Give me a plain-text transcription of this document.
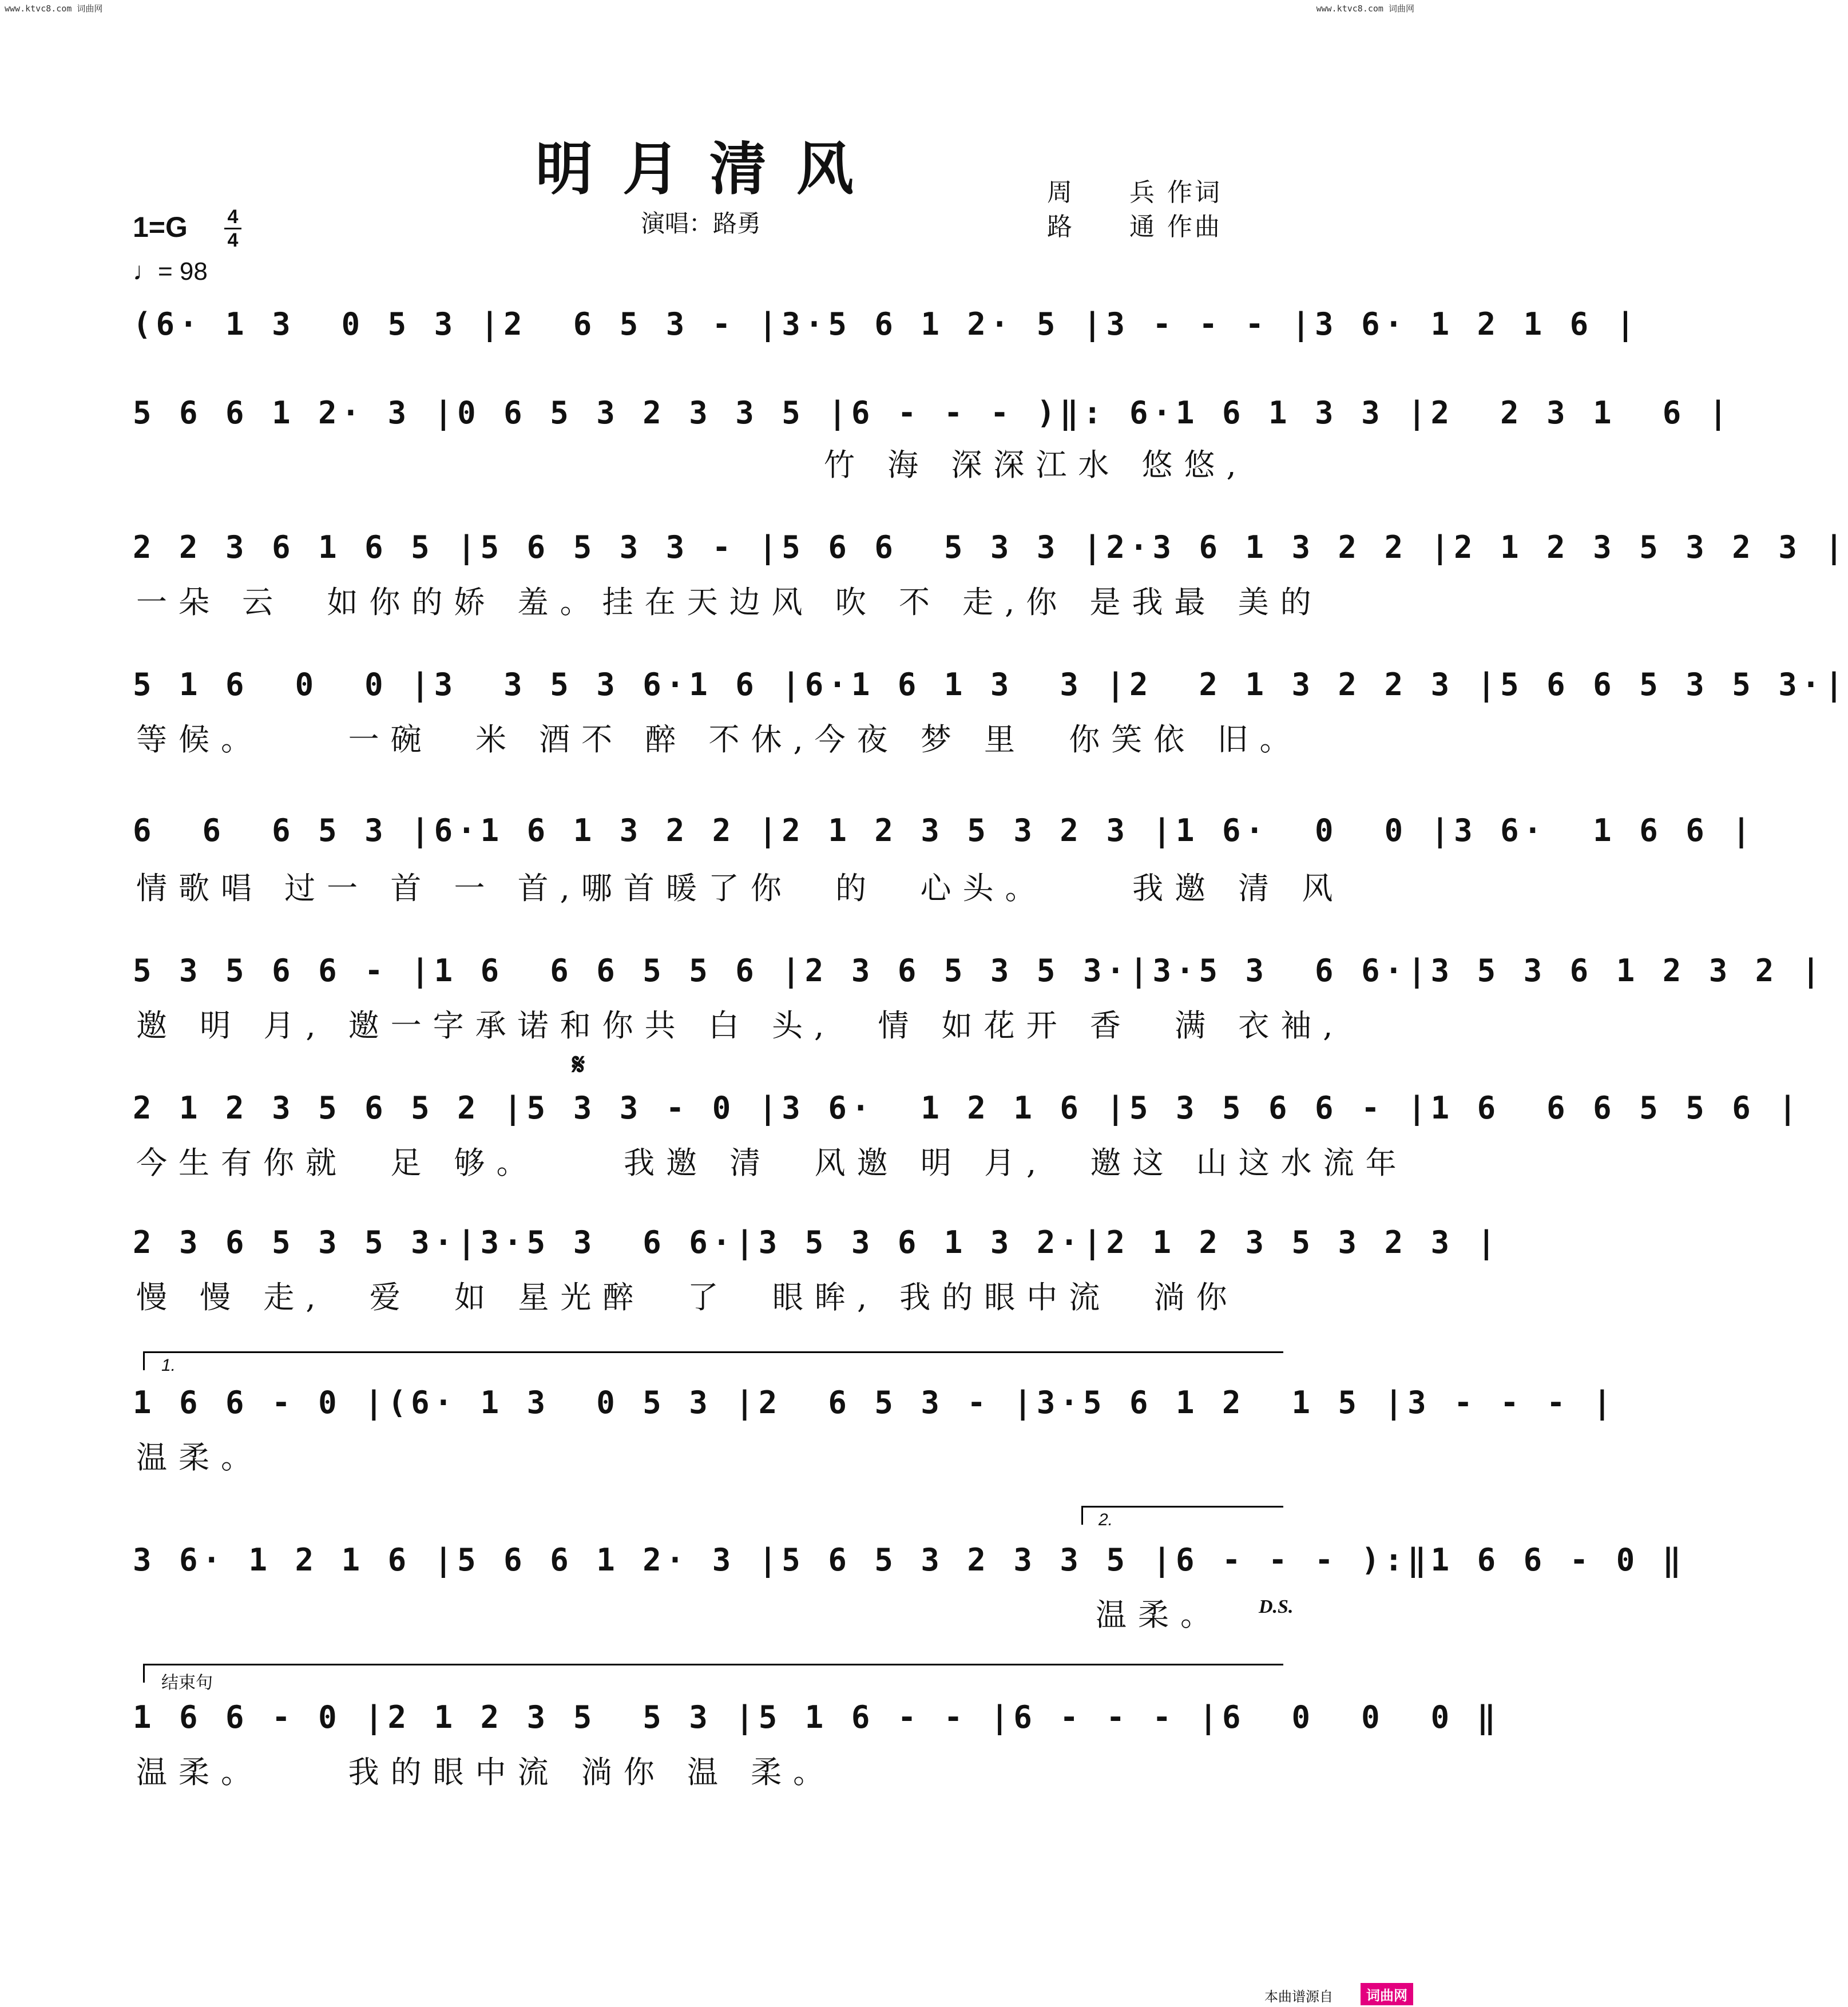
www.ktvc8.com 词曲网	www.ktvc8.com 词曲网
明月清风
演唱：路勇
周　　兵 作词
路　　通 作曲
1=G 4
4
♩= 98
(6· 1 3  0 5 3 |2  6 5 3 - |3·5 6 1 2· 5 |3 - - - |3 6· 1 2 1 6 |
5 6 6 1 2· 3 |0 6 5 3 2 3 3 5 |6 - - - )‖: 6·1 6 1 3 3 |2  2 3 1  6 |
竹 海 深深江水 悠悠,
2 2 3 6 1 6 5 |5 6 5 3 3 - |5 6 6  5 3 3 |2·3 6 1 3 2 2 |2 1 2 3 5 3 2 3 |
一朵 云  如你的娇 羞。挂在天边风 吹 不 走,你 是我最 美的
5 1 6  0  0 |3  3 5 3 6·1 6 |6·1 6 1 3  3 |2  2 1 3 2 2 3 |5 6 6 5 3 5 3·|
等候。    一碗  米 酒不 醉 不休,今夜 梦 里  你笑依 旧。
6  6  6 5 3 |6·1 6 1 3 2 2 |2 1 2 3 5 3 2 3 |1 6·  0  0 |3 6·  1 6 6 |
情歌唱 过一 首 一 首,哪首暖了你  的  心头。    我邀 清 风
5 3 5 6 6 - |1 6  6 6 5 5 6 |2 3 6 5 3 5 3·|3·5 3  6 6·|3 5 3 6 1 2 3 2 |
邀 明 月, 邀一字承诺和你共 白 头,  情 如花开 香  满 衣袖,
𝄋
2 1 2 3 5 6 5 2 |5 3 3 - 0 |3 6·  1 2 1 6 |5 3 5 6 6 - |1 6  6 6 5 5 6 |
今生有你就  足 够。    我邀 清  风邀 明 月,  邀这 山这水流年
2 3 6 5 3 5 3·|3·5 3  6 6·|3 5 3 6 1 3 2·|2 1 2 3 5 3 2 3 |
慢 慢 走,  爱  如 星光醉  了  眼眸, 我的眼中流  淌你
1.
1 6 6 - 0 |(6· 1 3  0 5 3 |2  6 5 3 - |3·5 6 1 2  1 5 |3 - - - |
温柔。
2.
3 6· 1 2 1 6 |5 6 6 1 2· 3 |5 6 5 3 2 3 3 5 |6 - - - ):‖1 6 6 - 0 ‖
温柔。 D.S.
结束句
1 6 6 - 0 |2 1 2 3 5  5 3 |5 1 6 - - |6 - - - |6  0  0  0 ‖
温柔。    我的眼中流 淌你 温 柔。
本曲谱源自	词曲网
